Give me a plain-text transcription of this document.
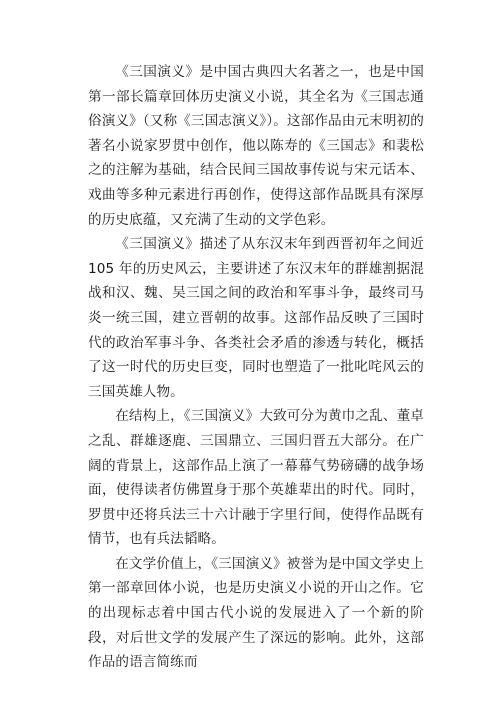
《三国演义》是中国古典四大名著之一，也是中国第一部长篇章回体历史演义小说，其全名为《三国志通俗演义》（又称《三国志演义》）。这部作品由元末明初的著名小说家罗贯中创作，他以陈寿的《三国志》和裴松之的注解为基础，结合民间三国故事传说与宋元话本、戏曲等多种元素进行再创作，使得这部作品既具有深厚的历史底蕴，又充满了生动的文学色彩。

《三国演义》描述了从东汉末年到西晋初年之间近 105 年的历史风云，主要讲述了东汉末年的群雄割据混战和汉、魏、吴三国之间的政治和军事斗争，最终司马炎一统三国，建立晋朝的故事。这部作品反映了三国时代的政治军事斗争、各类社会矛盾的渗透与转化，概括了这一时代的历史巨变，同时也塑造了一批叱咤风云的三国英雄人物。

在结构上，《三国演义》大致可分为黄巾之乱、董卓之乱、群雄逐鹿、三国鼎立、三国归晋五大部分。在广阔的背景上，这部作品上演了一幕幕气势磅礴的战争场面，使得读者仿佛置身于那个英雄辈出的时代。同时，罗贯中还将兵法三十六计融于字里行间，使得作品既有情节，也有兵法韬略。

在文学价值上，《三国演义》被誉为是中国文学史上第一部章回体小说，也是历史演义小说的开山之作。它的出现标志着中国古代小说的发展进入了一个新的阶段，对后世文学的发展产生了深远的影响。此外，这部作品的语言简练而
